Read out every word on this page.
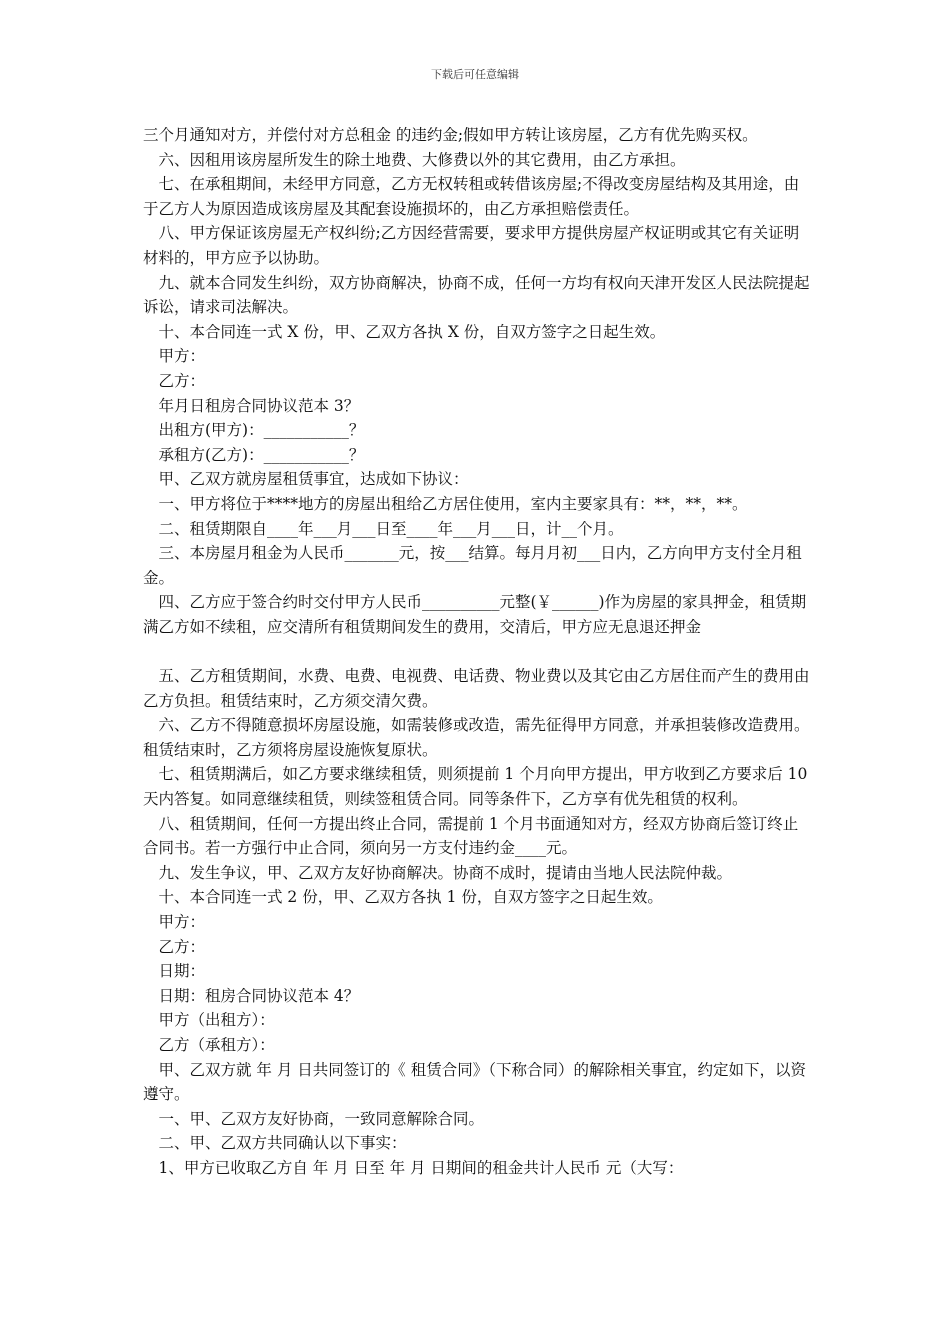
下载后可任意编辑

三个月通知对方，并偿付对方总租金 的违约金;假如甲方转让该房屋，乙方有优先购买权。

　六、因租用该房屋所发生的除土地费、大修费以外的其它费用，由乙方承担。

　七、在承租期间，未经甲方同意，乙方无权转租或转借该房屋;不得改变房屋结构及其用途，由于乙方人为原因造成该房屋及其配套设施损坏的，由乙方承担赔偿责任。

　八、甲方保证该房屋无产权纠纷;乙方因经营需要，要求甲方提供房屋产权证明或其它有关证明材料的，甲方应予以协助。

　九、就本合同发生纠纷，双方协商解决，协商不成，任何一方均有权向天津开发区人民法院提起诉讼，请求司法解决。

　十、本合同连一式 X 份，甲、乙双方各执 X 份，自双方签字之日起生效。

　甲方：

　乙方：

　年月日租房合同协议范本 3？

　出租方(甲方)：___________？

　承租方(乙方)：___________？

　甲、乙双方就房屋租赁事宜，达成如下协议：

　一、甲方将位于****地方的房屋出租给乙方居住使用，室内主要家具有：**，**，**。

　二、租赁期限自____年___月___日至____年___月___日，计__个月。

　三、本房屋月租金为人民币_______元，按___结算。每月月初___日内，乙方向甲方支付全月租金。

　四、乙方应于签合约时交付甲方人民币__________元整(￥______)作为房屋的家具押金，租赁期满乙方如不续租，应交清所有租赁期间发生的费用，交清后，甲方应无息退还押金

　五、乙方租赁期间，水费、电费、电视费、电话费、物业费以及其它由乙方居住而产生的费用由乙方负担。租赁结束时，乙方须交清欠费。

　六、乙方不得随意损坏房屋设施，如需装修或改造，需先征得甲方同意，并承担装修改造费用。租赁结束时，乙方须将房屋设施恢复原状。

　七、租赁期满后，如乙方要求继续租赁，则须提前 1 个月向甲方提出，甲方收到乙方要求后 10 天内答复。如同意继续租赁，则续签租赁合同。同等条件下，乙方享有优先租赁的权利。

　八、租赁期间，任何一方提出终止合同，需提前 1 个月书面通知对方，经双方协商后签订终止合同书。若一方强行中止合同，须向另一方支付违约金____元。

　九、发生争议，甲、乙双方友好协商解决。协商不成时，提请由当地人民法院仲裁。

　十、本合同连一式 2 份，甲、乙双方各执 1 份，自双方签字之日起生效。

　甲方：

　乙方：

　日期：

　日期：租房合同协议范本 4？

　甲方（出租方）：

　乙方（承租方）：

　甲、乙双方就 年 月 日共同签订的《 租赁合同》（下称合同）的解除相关事宜，约定如下，以资遵守。

　一、甲、乙双方友好协商，一致同意解除合同。

　二、甲、乙双方共同确认以下事实：

　1、甲方已收取乙方自 年 月 日至 年 月 日期间的租金共计人民币 元（大写：
